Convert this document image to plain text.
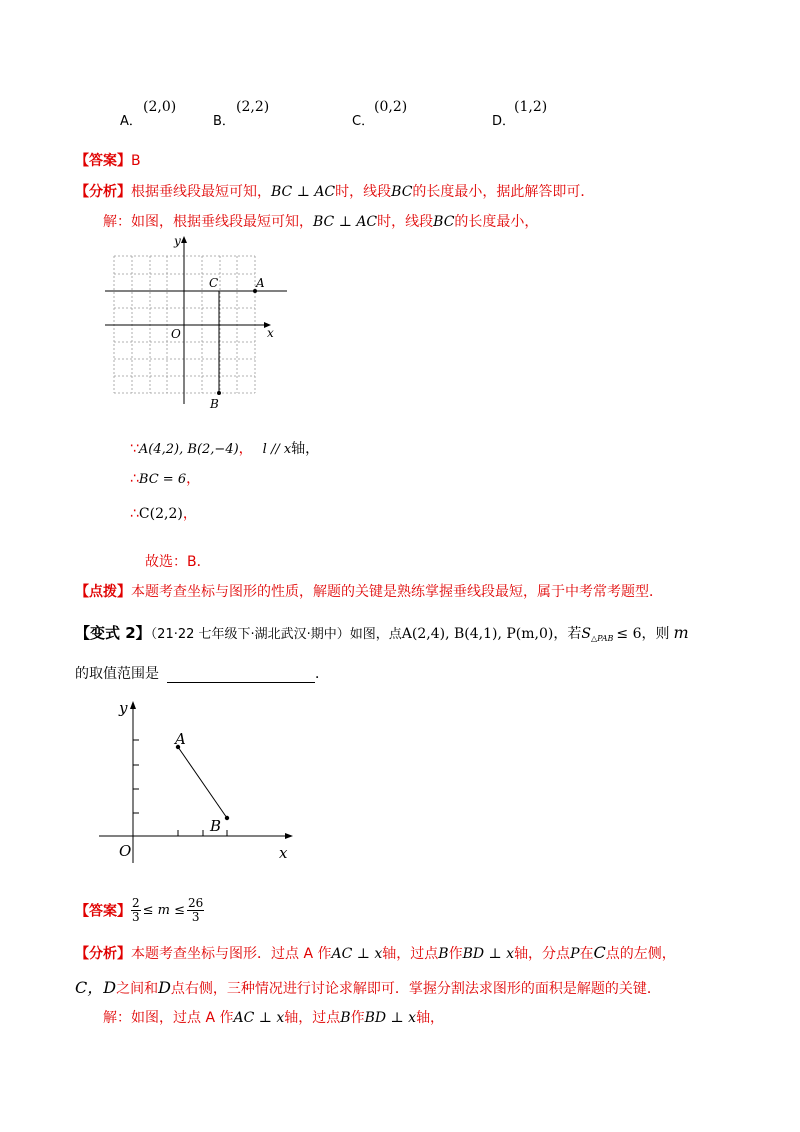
A．
(2,0)
B．
(2,2)
C．
(0,2)
D．
(1,2)
【答案】B
【分析】根据垂线段最短可知，BC ⊥ AC时，线段BC的长度最小，据此解答即可．
解：如图，根据垂线段最短可知，BC ⊥ AC时，线段BC的长度最小，
y
x
O
A
B
C
∵A(4,2), B(2,−4)， l // x轴，
∴BC = 6，
∴C(2,2)，
故选：B．
【点拨】本题考查坐标与图形的性质，解题的关键是熟练掌握垂线段最短，属于中考常考题型．
【变式 2】（21·22 七年级下·湖北武汉·期中）如图，点A(2,4), B(4,1), P(m,0)，若$S_{\triangle PAB} \le 6$，则 m
的取值范围是	．
y
x
O
A
B
【答案】 $\frac{2}{3} \le m \le \frac{26}{3}$
【分析】本题考查坐标与图形．过点 A 作AC ⊥ x轴，过点B作BD ⊥ x轴，分点P在C点的左侧，
C，D之间和D点右侧，三种情况进行讨论求解即可．掌握分割法求图形的面积是解题的关键．
解：如图，过点 A 作AC ⊥ x轴，过点B作BD ⊥ x轴，
